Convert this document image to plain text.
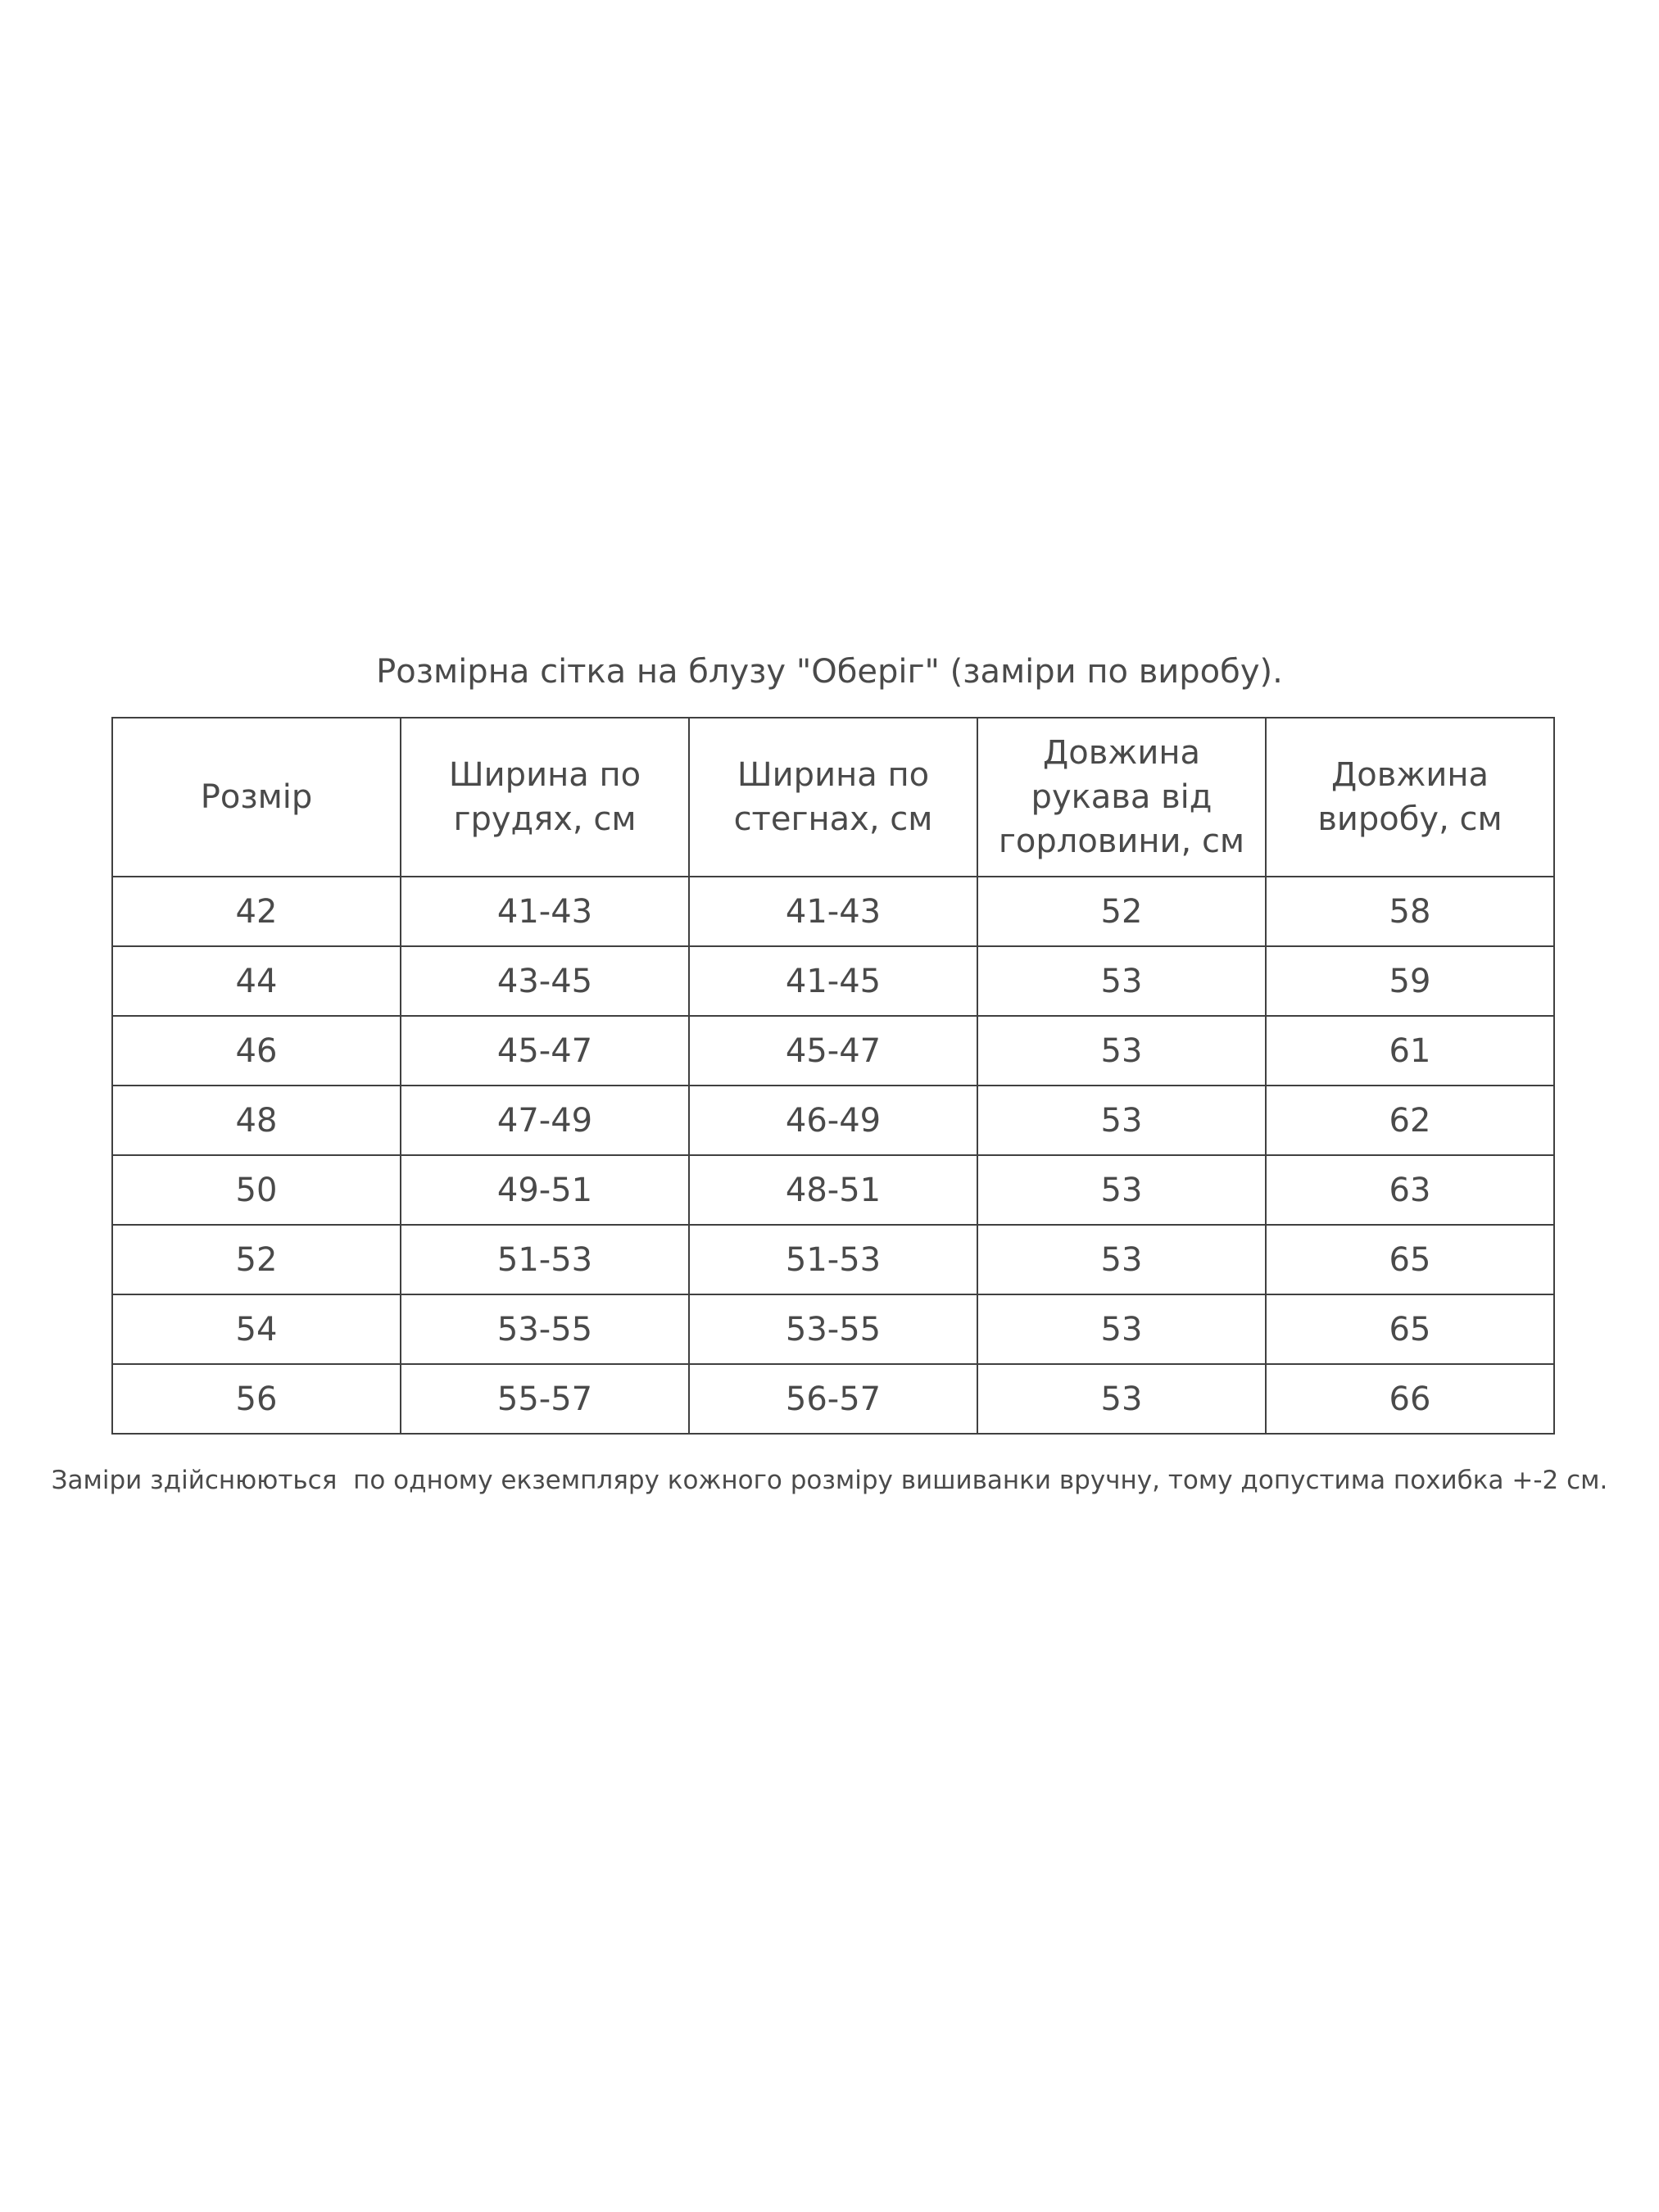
Розмірна сітка на блузу "Оберіг" (заміри по виробу).
Розмір	Ширина по грудях, см	Ширина по стегнах, см	Довжина рукава від горловини, см	Довжина виробу, см
42	41-43	41-43	52	58
44	43-45	41-45	53	59
46	45-47	45-47	53	61
48	47-49	46-49	53	62
50	49-51	48-51	53	63
52	51-53	51-53	53	65
54	53-55	53-55	53	65
56	55-57	56-57	53	66
Заміри здійснюються  по одному екземпляру кожного розміру вишиванки вручну, тому допустима похибка +-2 см.
